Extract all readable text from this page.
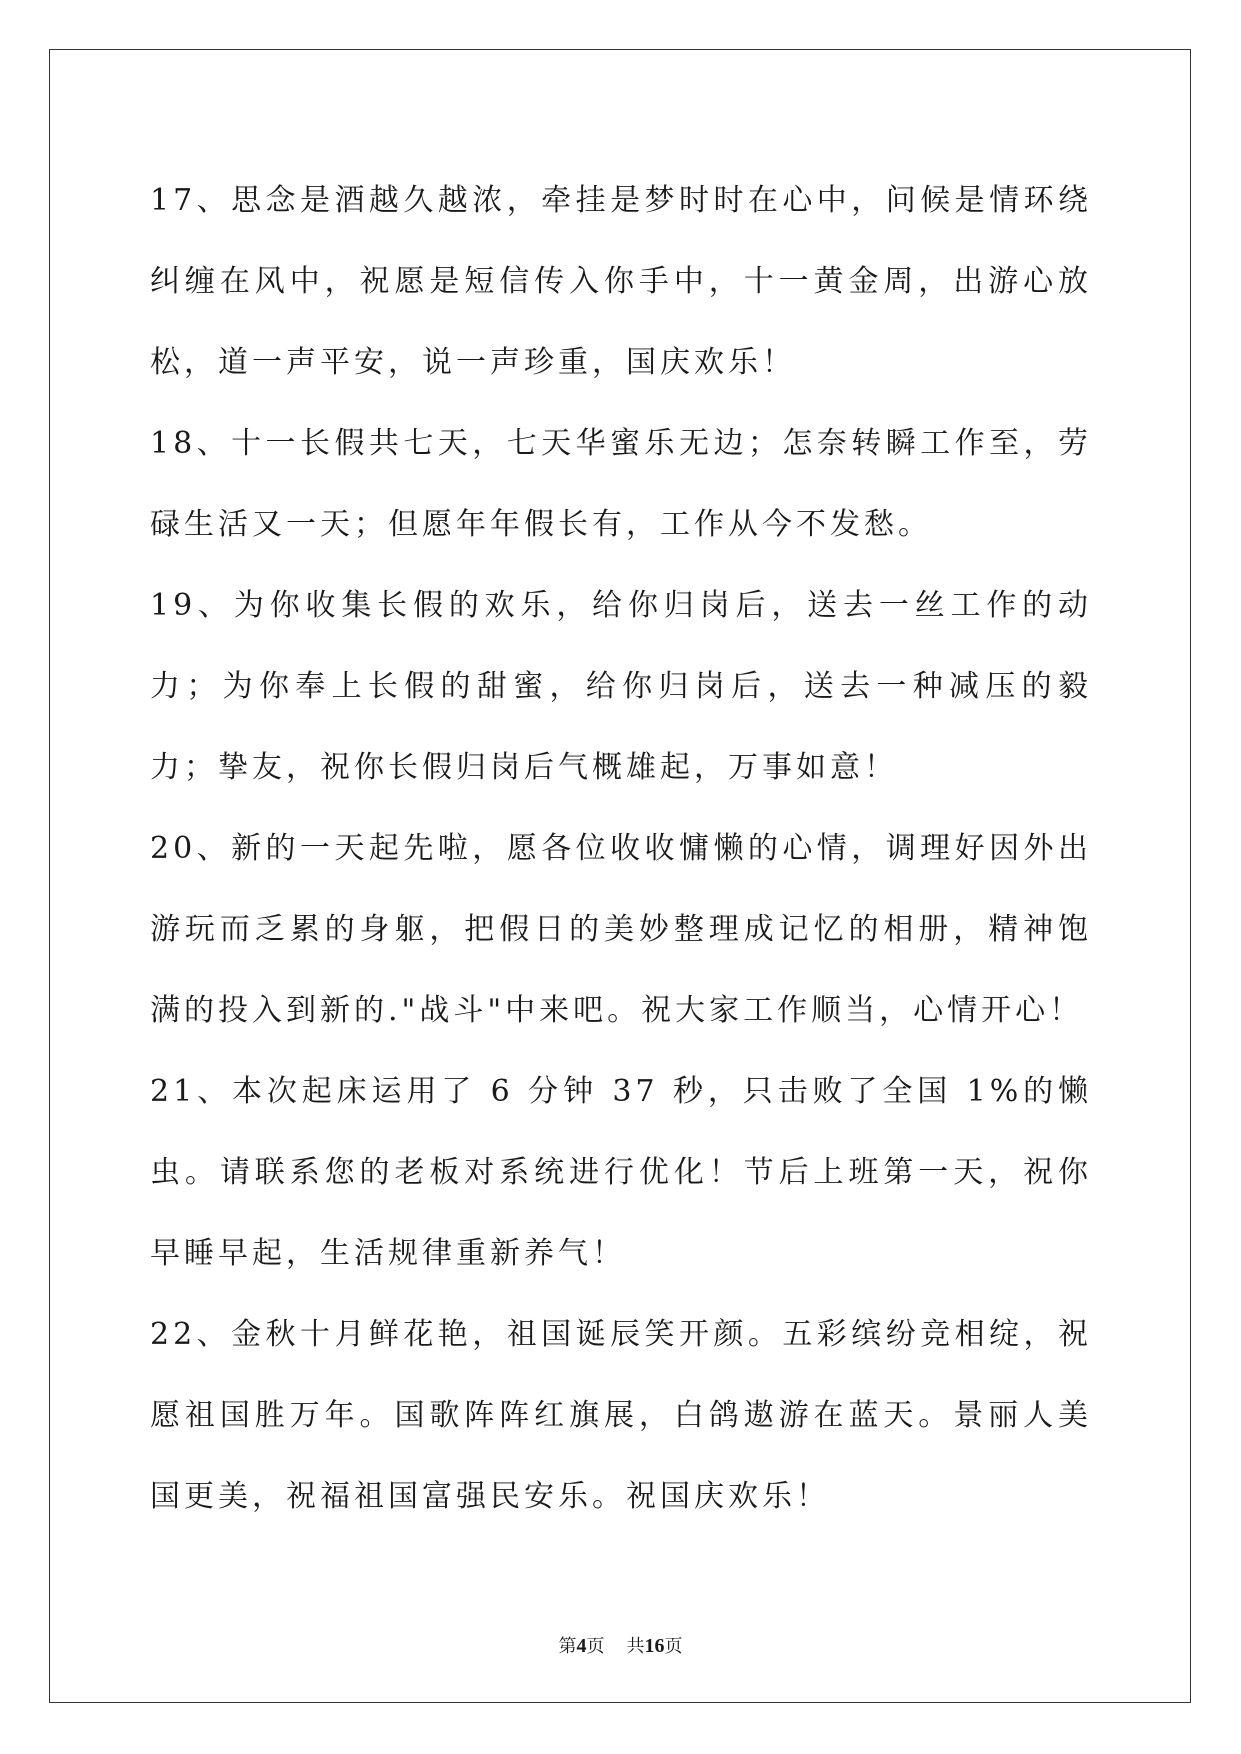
17、思念是酒越久越浓，牵挂是梦时时在心中，问候是情环绕纠缠在风中，祝愿是短信传入你手中，十一黄金周，出游心放松，道一声平安，说一声珍重，国庆欢乐！

18、十一长假共七天，七天华蜜乐无边；怎奈转瞬工作至，劳碌生活又一天；但愿年年假长有，工作从今不发愁。

19、为你收集长假的欢乐，给你归岗后，送去一丝工作的动力；为你奉上长假的甜蜜，给你归岗后，送去一种减压的毅力；挚友，祝你长假归岗后气概雄起，万事如意！

20、新的一天起先啦，愿各位收收慵懒的心情，调理好因外出游玩而乏累的身躯，把假日的美妙整理成记忆的相册，精神饱满的投入到新的."战斗"中来吧。祝大家工作顺当，心情开心！

21、本次起床运用了 6 分钟 37 秒，只击败了全国 1%的懒虫。请联系您的老板对系统进行优化！节后上班第一天，祝你早睡早起，生活规律重新养气！

22、金秋十月鲜花艳，祖国诞辰笑开颜。五彩缤纷竞相绽，祝愿祖国胜万年。国歌阵阵红旗展，白鸽遨游在蓝天。景丽人美国更美，祝福祖国富强民安乐。祝国庆欢乐！

第4页 共16页
